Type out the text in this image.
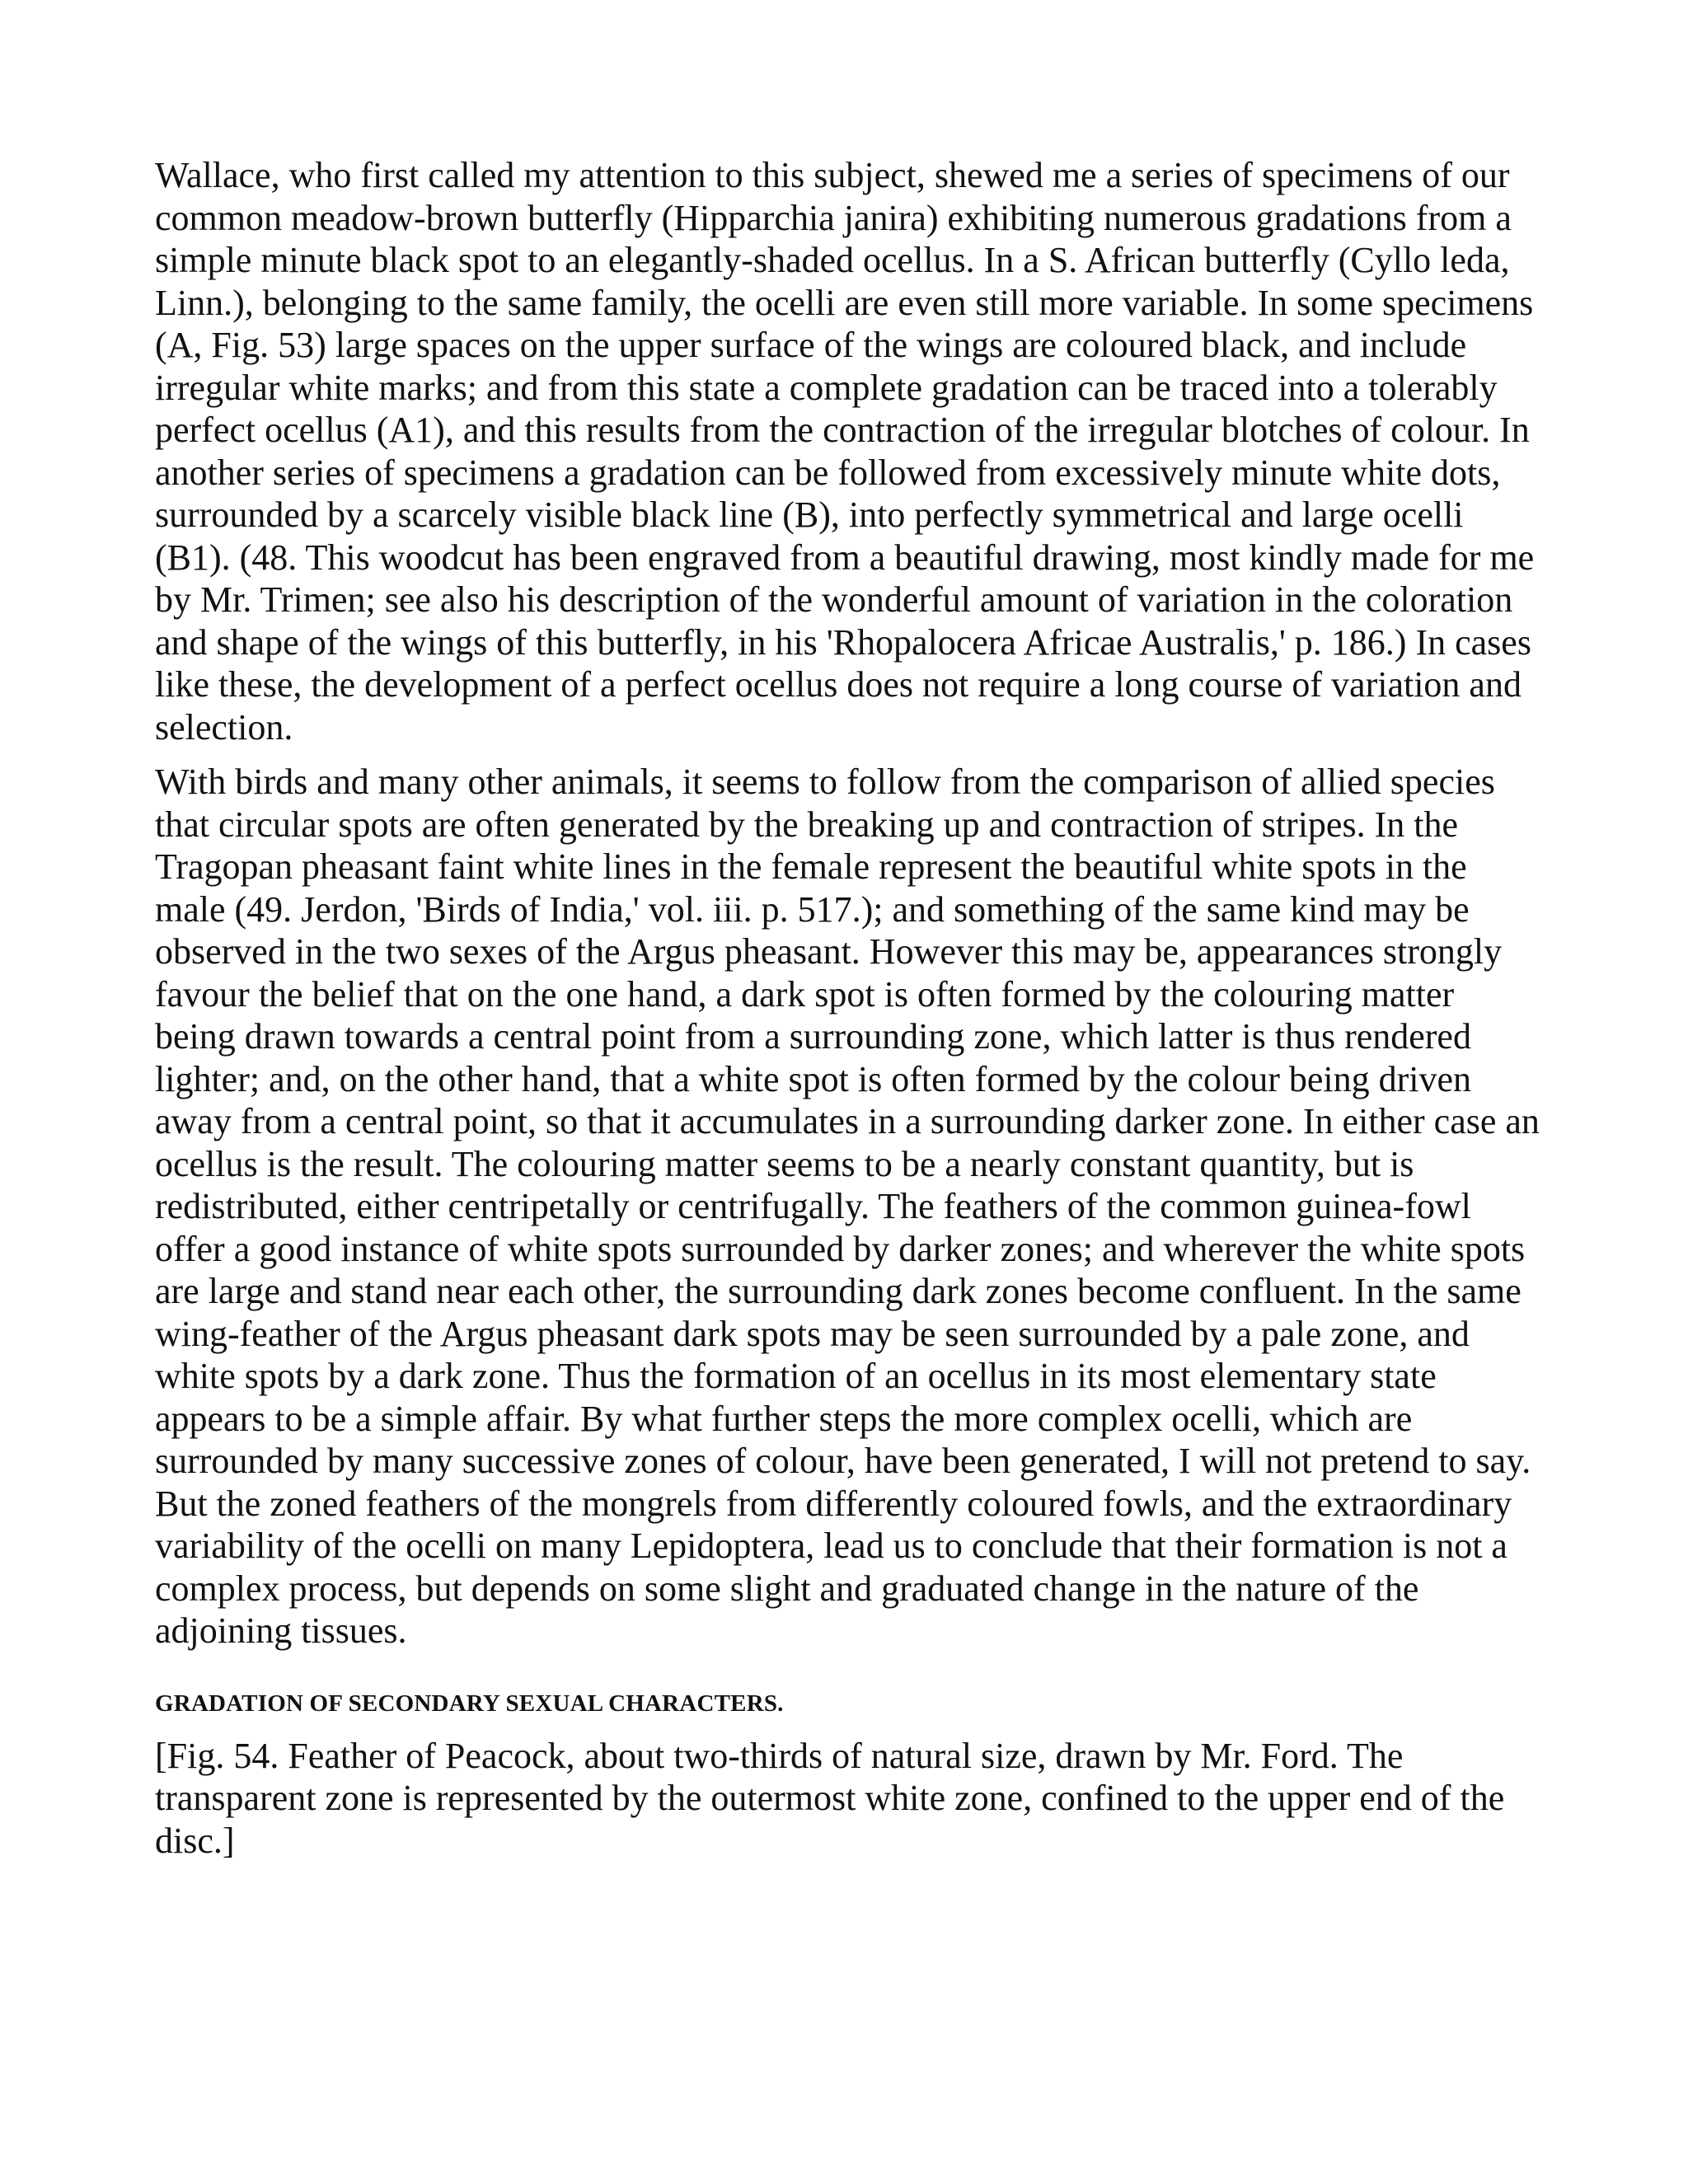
Wallace, who first called my attention to this subject, shewed me a series of specimens of our common meadow-brown butterfly (Hipparchia janira) exhibiting numerous gradations from a simple minute black spot to an elegantly-shaded ocellus. In a S. African butterfly (Cyllo leda, Linn.), belonging to the same family, the ocelli are even still more variable. In some specimens (A, Fig. 53) large spaces on the upper surface of the wings are coloured black, and include irregular white marks; and from this state a complete gradation can be traced into a tolerably perfect ocellus (A1), and this results from the contraction of the irregular blotches of colour. In another series of specimens a gradation can be followed from excessively minute white dots, surrounded by a scarcely visible black line (B), into perfectly symmetrical and large ocelli (B1). (48. This woodcut has been engraved from a beautiful drawing, most kindly made for me by Mr. Trimen; see also his description of the wonderful amount of variation in the coloration and shape of the wings of this butterfly, in his 'Rhopalocera Africae Australis,' p. 186.) In cases like these, the development of a perfect ocellus does not require a long course of variation and selection.

With birds and many other animals, it seems to follow from the comparison of allied species that circular spots are often generated by the breaking up and contraction of stripes. In the Tragopan pheasant faint white lines in the female represent the beautiful white spots in the male (49. Jerdon, 'Birds of India,' vol. iii. p. 517.); and something of the same kind may be observed in the two sexes of the Argus pheasant. However this may be, appearances strongly favour the belief that on the one hand, a dark spot is often formed by the colouring matter being drawn towards a central point from a surrounding zone, which latter is thus rendered lighter; and, on the other hand, that a white spot is often formed by the colour being driven away from a central point, so that it accumulates in a surrounding darker zone. In either case an ocellus is the result. The colouring matter seems to be a nearly constant quantity, but is redistributed, either centripetally or centrifugally. The feathers of the common guinea-fowl offer a good instance of white spots surrounded by darker zones; and wherever the white spots are large and stand near each other, the surrounding dark zones become confluent. In the same wing-feather of the Argus pheasant dark spots may be seen surrounded by a pale zone, and white spots by a dark zone. Thus the formation of an ocellus in its most elementary state appears to be a simple affair. By what further steps the more complex ocelli, which are surrounded by many successive zones of colour, have been generated, I will not pretend to say. But the zoned feathers of the mongrels from differently coloured fowls, and the extraordinary variability of the ocelli on many Lepidoptera, lead us to conclude that their formation is not a complex process, but depends on some slight and graduated change in the nature of the adjoining tissues.

GRADATION OF SECONDARY SEXUAL CHARACTERS.

[Fig. 54. Feather of Peacock, about two-thirds of natural size, drawn by Mr. Ford. The transparent zone is represented by the outermost white zone, confined to the upper end of the disc.]
